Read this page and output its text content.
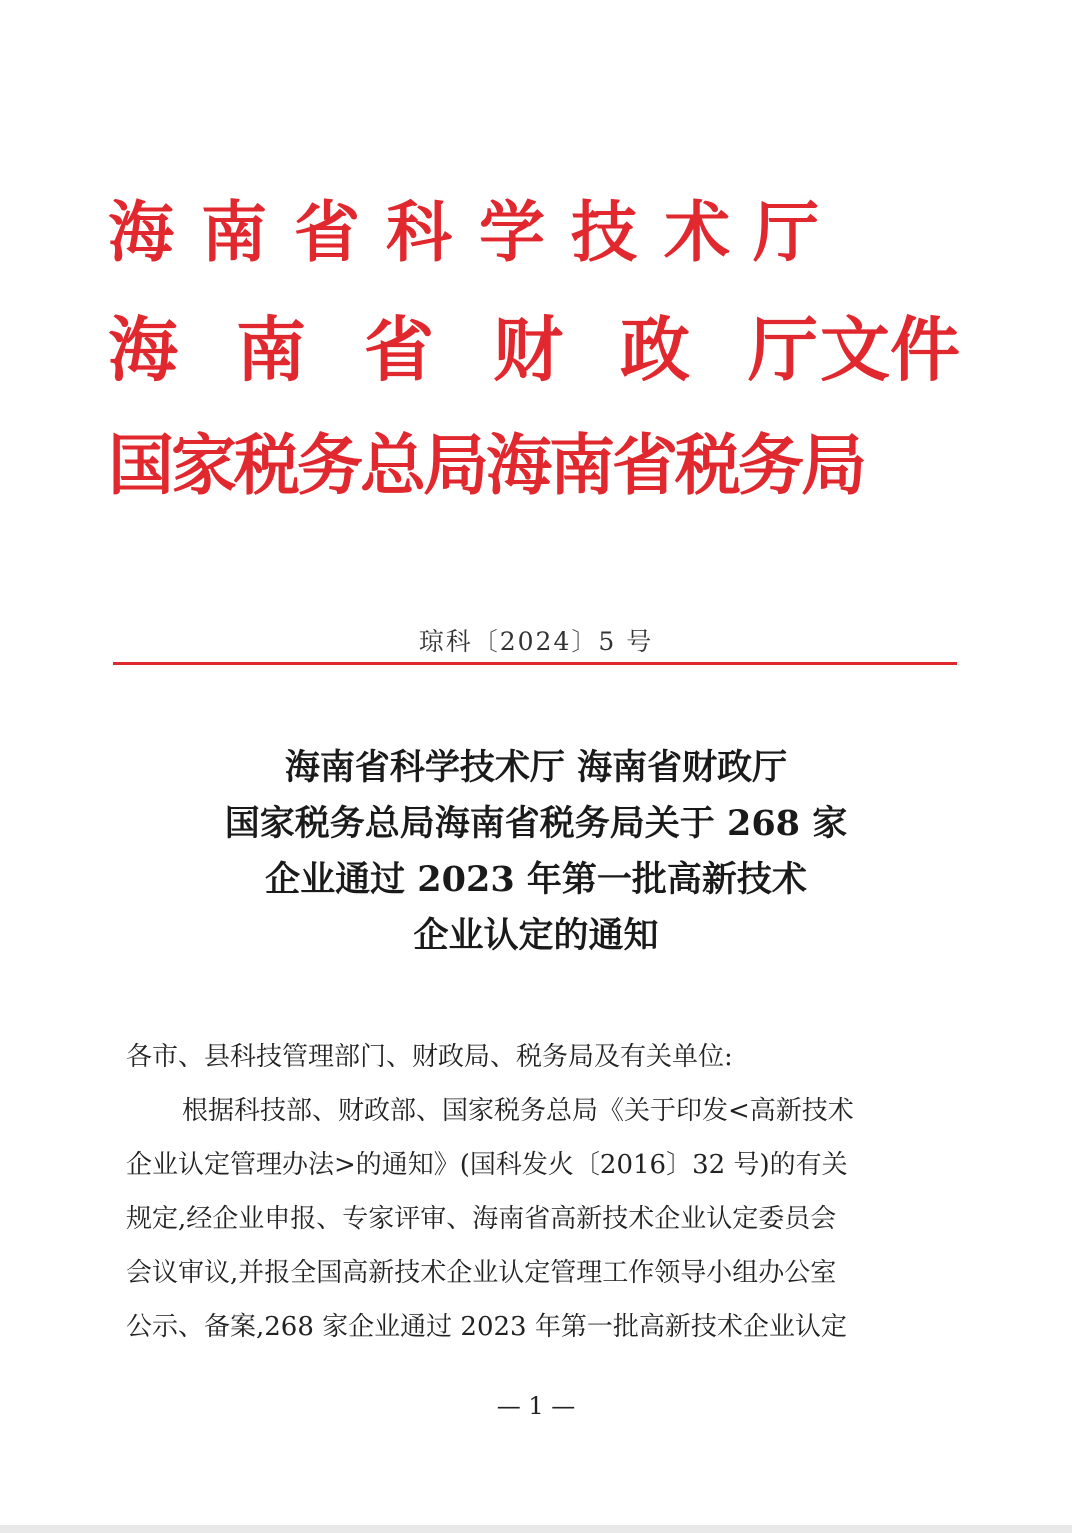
海 南 省 科 学 技 术 厅
海 南 省 财 政 厅 文 件
国家税务总局海南省税务局
琼科〔2024〕5 号
海南省科学技术厅 海南省财政厅
国家税务总局海南省税务局关于 268 家
企业通过 2023 年第一批高新技术
企业认定的通知

各市、县科技管理部门、财政局、税务局及有关单位:

根据科技部、财政部、国家税务总局《关于印发<高新技术

企业认定管理办法>的通知》(国科发火〔2016〕32 号)的有关

规定,经企业申报、专家评审、海南省高新技术企业认定委员会

会议审议,并报全国高新技术企业认定管理工作领导小组办公室

公示、备案,268 家企业通过 2023 年第一批高新技术企业认定

— 1 —
